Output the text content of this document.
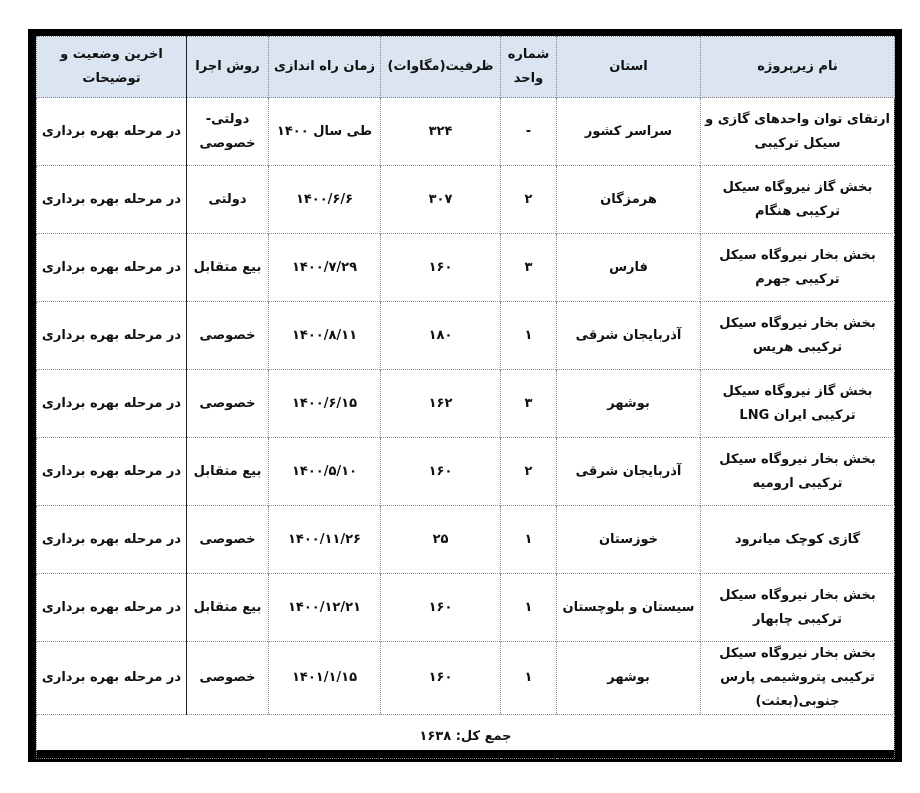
نام زیرپروژه	استان	شماره واحد	ظرفیت(مگاوات)	زمان راه اندازی	روش اجرا	اخرین وضعیت و توضیحات
ارتقای توان واحدهای گازی و سیکل ترکیبی	سراسر کشور	-	۳۲۴	طی سال ۱۴۰۰	دولتی- خصوصی	در مرحله بهره برداری
بخش گاز نیروگاه سیکل ترکیبی هنگام	هرمزگان	۲	۳۰۷	۱۴۰۰/۶/۶	دولتی	در مرحله بهره برداری
بخش بخار نیروگاه سیکل ترکیبی جهرم	فارس	۳	۱۶۰	۱۴۰۰/۷/۲۹	بیع متقابل	در مرحله بهره برداری
بخش بخار نیروگاه سیکل ترکیبی هریس	آذربایجان شرقی	۱	۱۸۰	۱۴۰۰/۸/۱۱	خصوصی	در مرحله بهره برداری
بخش گاز نیروگاه سیکل ترکیبی ایران LNG	بوشهر	۳	۱۶۲	۱۴۰۰/۶/۱۵	خصوصی	در مرحله بهره برداری
بخش بخار نیروگاه سیکل ترکیبی ارومیه	آذربایجان شرقی	۲	۱۶۰	۱۴۰۰/۵/۱۰	بیع متقابل	در مرحله بهره برداری
گازی کوچک میانرود	خوزستان	۱	۲۵	۱۴۰۰/۱۱/۲۶	خصوصی	در مرحله بهره برداری
بخش بخار نیروگاه سیکل ترکیبی چابهار	سیستان و بلوچستان	۱	۱۶۰	۱۴۰۰/۱۲/۲۱	بیع متقابل	در مرحله بهره برداری
بخش بخار نیروگاه سیکل ترکیبی پتروشیمی پارس جنوبی(بعثت)	بوشهر	۱	۱۶۰	۱۴۰۱/۱/۱۵	خصوصی	در مرحله بهره برداری
جمع کل: ۱۶۳۸						
